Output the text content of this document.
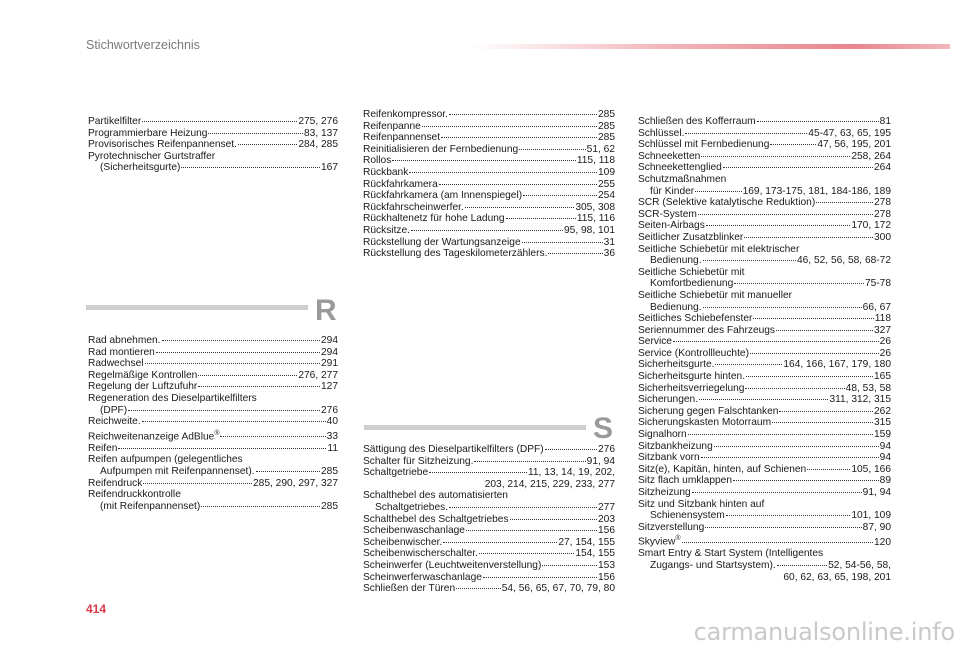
Stichwortverzeichnis
Partikelfilter	275, 276
Programmierbare Heizung	83, 137
Provisorisches Reifenpannenset.	284, 285
Pyrotechnischer Gurtstraffer
(Sicherheitsgurte)	167
R
Rad abnehmen.	294
Rad montieren	294
Radwechsel	291
Regelmäßige Kontrollen	276, 277
Regelung der Luftzufuhr	127
Regeneration des Dieselpartikelfilters
(DPF)	276
Reichweite.	40
Reichweitenanzeige AdBlue®	33
Reifen	11
Reifen aufpumpen (gelegentliches
Aufpumpen mit Reifenpannenset).	285
Reifendruck	285, 290, 297, 327
Reifendruckkontrolle
(mit Reifenpannenset)	285
Reifenkompressor.	285
Reifenpanne	285
Reifenpannenset	285
Reinitialisieren der Fernbedienung	51, 62
Rollos	115, 118
Rückbank	109
Rückfahrkamera	255
Rückfahrkamera (am Innenspiegel)	254
Rückfahrscheinwerfer.	305, 308
Rückhaltenetz für hohe Ladung	115, 116
Rücksitze.	95, 98, 101
Rückstellung der Wartungsanzeige	31
Rückstellung des Tageskilometerzählers.	36
S
Sättigung des Dieselpartikelfilters (DPF)	276
Schalter für Sitzheizung.	91, 94
Schaltgetriebe	11, 13, 14, 19, 202,
203, 214, 215, 229, 233, 277
Schalthebel des automatisierten
Schaltgetriebes.	277
Schalthebel des Schaltgetriebes	203
Scheibenwaschanlage	156
Scheibenwischer.	27, 154, 155
Scheibenwischerschalter.	154, 155
Scheinwerfer (Leuchtweitenverstellung)	153
Scheinwerferwaschanlage	156
Schließen der Türen	54, 56, 65, 67, 70, 79, 80
Schließen des Kofferraum	81
Schlüssel.	45-47, 63, 65, 195
Schlüssel mit Fernbedienung	47, 56, 195, 201
Schneeketten	258, 264
Schneekettenglied	264
Schutzmaßnahmen
für Kinder	169, 173-175, 181, 184-186, 189
SCR (Selektive katalytische Reduktion)	278
SCR-System	278
Seiten-Airbags	170, 172
Seitlicher Zusatzblinker	300
Seitliche Schiebetür mit elektrischer
Bedienung.	46, 52, 56, 58, 68-72
Seitliche Schiebetür mit
Komfortbedienung	75-78
Seitliche Schiebetür mit manueller
Bedienung.	66, 67
Seitliches Schiebefenster	118
Seriennummer des Fahrzeugs	327
Service	26
Service (Kontrollleuchte)	26
Sicherheitsgurte.	164, 166, 167, 179, 180
Sicherheitsgurte hinten.	165
Sicherheitsverriegelung	48, 53, 58
Sicherungen.	311, 312, 315
Sicherung gegen Falschtanken	262
Sicherungskasten Motorraum	315
Signalhorn	159
Sitzbankheizung	94
Sitzbank vorn	94
Sitz(e), Kapitän, hinten, auf Schienen	105, 166
Sitz flach umklappen	89
Sitzheizung	91, 94
Sitz und Sitzbank hinten auf
Schienensystem	101, 109
Sitzverstellung	87, 90
Skyview®	120
Smart Entry & Start System (Intelligentes
Zugangs- und Startsystem).	52, 54-56, 58,
60, 62, 63, 65, 198, 201
414
carmanualsonline.info
